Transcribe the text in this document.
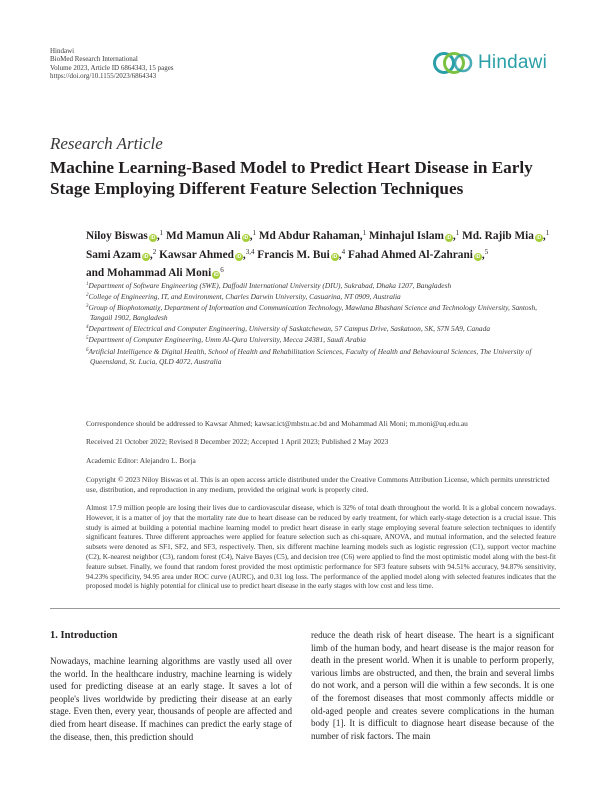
Hindawi
BioMed Research International
Volume 2023, Article ID 6864343, 15 pages
https://doi.org/10.1155/2023/6864343
Hindawi
Research Article
Machine Learning-Based Model to Predict Heart Disease in Early Stage Employing Different Feature Selection Techniques
Niloy Biswas iD ,$^1$ Md Mamun Ali iD ,$^1$ Md Abdur Rahaman,$^1$ Minhajul Islam iD ,$^1$ Md. Rajib Mia iD ,$^1$ Sami Azam iD ,$^2$ Kawsar Ahmed iD ,$^{3,4}$ Francis M. Bui iD ,$^4$ Fahad Ahmed Al-Zahrani iD ,$^5$ and Mohammad Ali Moni $iD^6$
$^1$Department of Software Engineering (SWE), Daffodil International University (DIU), Sukrabad, Dhaka 1207, Bangladesh
$^2$College of Engineering, IT, and Environment, Charles Darwin University, Casuarina, NT 0909, Australia
$^3$Group of Biophotomatiχ, Department of Information and Communication Technology, Mawlana Bhashani Science and Technology University, Santosh, Tangail 1902, Bangladesh
$^4$Department of Electrical and Computer Engineering, University of Saskatchewan, 57 Campus Drive, Saskatoon, SK, S7N 5A9, Canada
$^5$Department of Computer Engineering, Umm Al-Qura University, Mecca 24381, Saudi Arabia
$^6$Artificial Intelligence & Digital Health, School of Health and Rehabilitation Sciences, Faculty of Health and Behavioural Sciences, The University of Queensland, St. Lucia, QLD 4072, Australia
Correspondence should be addressed to Kawsar Ahmed; kawsar.ict@mbstu.ac.bd and Mohammad Ali Moni; m.moni@uq.edu.au
Received 21 October 2022; Revised 8 December 2022; Accepted 1 April 2023; Published 2 May 2023
Academic Editor: Alejandro L. Borja
Copyright © 2023 Niloy Biswas et al. This is an open access article distributed under the Creative Commons Attribution License, which permits unrestricted use, distribution, and reproduction in any medium, provided the original work is properly cited.
Almost 17.9 million people are losing their lives due to cardiovascular disease, which is 32% of total death throughout the world. It is a global concern nowadays. However, it is a matter of joy that the mortality rate due to heart disease can be reduced by early treatment, for which early-stage detection is a crucial issue. This study is aimed at building a potential machine learning model to predict heart disease in early stage employing several feature selection techniques to identify significant features. Three different approaches were applied for feature selection such as chi-square, ANOVA, and mutual information, and the selected feature subsets were denoted as SF1, SF2, and SF3, respectively. Then, six different machine learning models such as logistic regression (C1), support vector machine (C2), K-nearest neighbor (C3), random forest (C4), Naive Bayes (C5), and decision tree (C6) were applied to find the most optimistic model along with the best-fit feature subset. Finally, we found that random forest provided the most optimistic performance for SF3 feature subsets with 94.51% accuracy, 94.87% sensitivity, 94.23% specificity, 94.95 area under ROC curve (AURC), and 0.31 log loss. The performance of the applied model along with selected features indicates that the proposed model is highly potential for clinical use to predict heart disease in the early stages with low cost and less time.
1. Introduction
Nowadays, machine learning algorithms are vastly used all over the world. In the healthcare industry, machine learning is widely used for predicting disease at an early stage. It saves a lot of people's lives worldwide by predicting their disease at an early stage. Even then, every year, thousands of people are affected and died from heart disease. If machines can predict the early stage of the disease, then, this prediction should
reduce the death risk of heart disease. The heart is a significant limb of the human body, and heart disease is the major reason for death in the present world. When it is unable to perform properly, various limbs are obstructed, and then, the brain and several limbs do not work, and a person will die within a few seconds. It is one of the foremost diseases that most commonly affects middle or old-aged people and creates severe complications in the human body [1]. It is difficult to diagnose heart disease because of the number of risk factors. The main
